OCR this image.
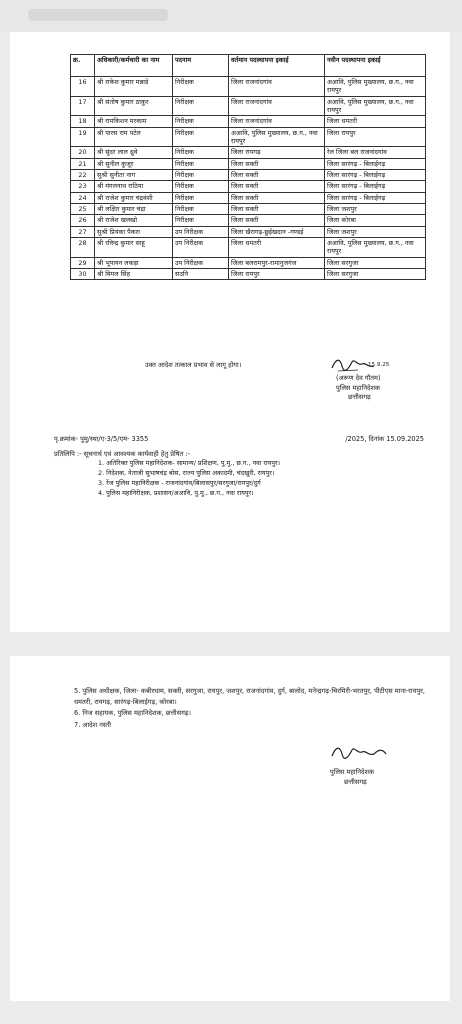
क्र.	अधिकारी/कर्मचारी का नाम	पदनाम	वर्तमान पदस्थापना इकाई	नवीन पदस्थापना इकाई
16	श्री राकेश कुमार मन्नाडे	निरीक्षक	जिला राजनांदगांव	अआवि, पुलिस मुख्यालय, छ.ग., नवा रायपुर
17	श्री संतोष कुमार ठाकुर	निरीक्षक	जिला राजनांदगांव	अआवि, पुलिस मुख्यालय, छ.ग., नवा रायपुर
18	श्री रामकिशन मरकाम	निरीक्षक	जिला राजनांदगांव	जिला धमतरी
19	श्री पारस राम पटेल	निरीक्षक	अआवि, पुलिस मुख्यालय, छ.ग., नवा रायपुर	जिला रायपुर
20	श्री सुंदर लाल ध्रुवे	निरीक्षक	जिला रायगढ़	रेल जिला बल राजनांदगांव
21	श्री सुनील कुजूर	निरीक्षक	जिला सक्ती	जिला सारंगढ़ - बिलाईगढ़
22	सुश्री सुनीता नाग	निरीक्षक	जिला सक्ती	जिला सारंगढ़ - बिलाईगढ़
23	श्री मंगलनाथ राठिया	निरीक्षक	जिला सक्ती	जिला सारंगढ़ - बिलाईगढ़
24	श्री राजेश कुमार चंद्रवंशी	निरीक्षक	जिला सक्ती	जिला सारंगढ़ - बिलाईगढ़
25	श्री लक्षित कुमार चंद्रा	निरीक्षक	जिला सक्ती	जिला जशपुर
26	श्री राजेश खलखो	निरीक्षक	जिला सक्ती	जिला कोरबा
27	सुश्री प्रियंका पैकरा	उप निरीक्षक	जिला खैरागढ़-छुईखदान -गण्डई	जिला जशपुर
28	श्री रविन्द्र कुमार साहू	उप निरीक्षक	जिला धमतरी	अआवि, पुलिस मुख्यालय, छ.ग., नवा रायपुर
29	श्री भूपायन लकड़ा	उप निरीक्षक	जिला बलरामपुर-रामानुजगंज	जिला सरगुजा
30	श्री विमल सिंह	सउनि	जिला रायपुर	जिला सरगुजा
उक्त आदेश तत्काल प्रभाव से लागू होगा।	15.9.25
(अरूण देव गौतम)
पुलिस महानिदेशक
छत्तीसगढ़
पृ.क्रमांक- पुमु/स्था/ए-3/5/एम- 3355	/2025, दिनांक 15.09.2025
प्रतिलिपि :- सूचनार्थ एवं आवश्यक कार्यवाही हेतु प्रेषित :-
1. अतिरिक्त पुलिस महानिदेशक- सामान्य/ प्रशिक्षण, पु.मु., छ.ग., नवा रायपुर।
2. निदेशक, नेताजी सुभाषचंद्र बोस, राज्य पुलिस अकादमी, चंदखुरी, रायपुर।
3. रेंज पुलिस महानिरीक्षक - राजनांदगांव/बिलासपुर/सरगुजा/रायपुर/दुर्ग
4. पुलिस महानिरीक्षक, प्रशासन/अआवि, पु.मु., छ.ग., नवा रायपुर।
5. पुलिस अधीक्षक, जिला- कबीरधाम, सक्ती, सरगुजा, रायपुर, जशपुर, राजनांदगांव, दुर्ग, बालोद, मनेन्द्रगढ़-चिरमिरी-भरतपुर, पीटीएस माना-रायपुर, धमतरी, रायगढ़, सारंगढ़-बिलाईगढ़, कोरबा।
6. निज सहायक, पुलिस महानिदेशक, छत्तीसगढ़।
7. आदेश नस्ती
पुलिस महानिदेशक
छत्तीसगढ़
